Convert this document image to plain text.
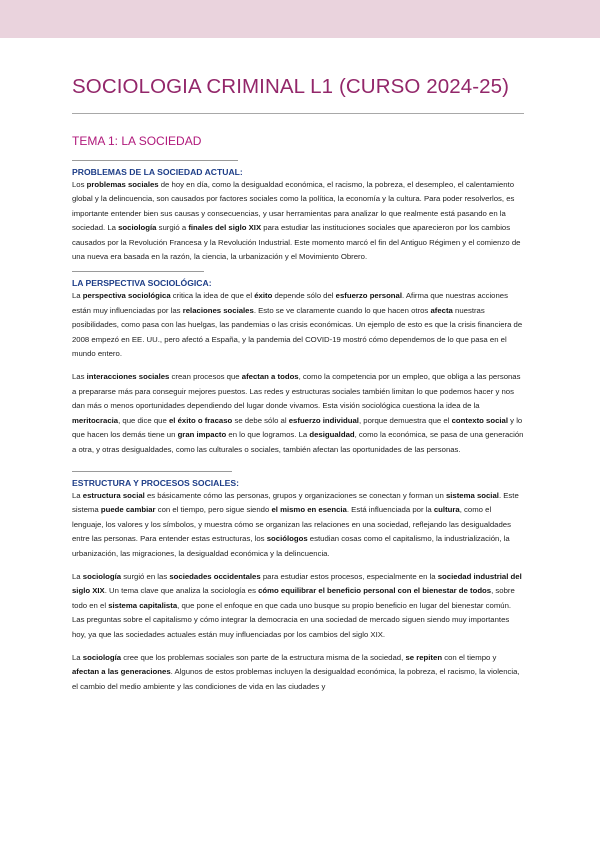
SOCIOLOGIA CRIMINAL L1 (CURSO 2024-25)
TEMA 1: LA SOCIEDAD
PROBLEMAS DE LA SOCIEDAD ACTUAL:

Los problemas sociales de hoy en día, como la desigualdad económica, el racismo, la pobreza, el desempleo, el calentamiento global y la delincuencia, son causados por factores sociales como la política, la economía y la cultura. Para poder resolverlos, es importante entender bien sus causas y consecuencias, y usar herramientas para analizar lo que realmente está pasando en la sociedad. La sociología surgió a finales del siglo XIX para estudiar las instituciones sociales que aparecieron por los cambios causados por la Revolución Francesa y la Revolución Industrial. Este momento marcó el fin del Antiguo Régimen y el comienzo de una nueva era basada en la razón, la ciencia, la urbanización y el Movimiento Obrero.

LA PERSPECTIVA SOCIOLÓGICA:

La perspectiva sociológica critica la idea de que el éxito depende sólo del esfuerzo personal. Afirma que nuestras acciones están muy influenciadas por las relaciones sociales. Esto se ve claramente cuando lo que hacen otros afecta nuestras posibilidades, como pasa con las huelgas, las pandemias o las crisis económicas. Un ejemplo de esto es que la crisis financiera de 2008 empezó en EE. UU., pero afectó a España, y la pandemia del COVID-19 mostró cómo dependemos de lo que pasa en el mundo entero.

Las interacciones sociales crean procesos que afectan a todos, como la competencia por un empleo, que obliga a las personas a prepararse más para conseguir mejores puestos. Las redes y estructuras sociales también limitan lo que podemos hacer y nos dan más o menos oportunidades dependiendo del lugar donde vivamos. Esta visión sociológica cuestiona la idea de la meritocracia, que dice que el éxito o fracaso se debe sólo al esfuerzo individual, porque demuestra que el contexto social y lo que hacen los demás tiene un gran impacto en lo que logramos. La desigualdad, como la económica, se pasa de una generación a otra, y otras desigualdades, como las culturales o sociales, también afectan las oportunidades de las personas.

ESTRUCTURA Y PROCESOS SOCIALES:

La estructura social es básicamente cómo las personas, grupos y organizaciones se conectan y forman un sistema social. Este sistema puede cambiar con el tiempo, pero sigue siendo el mismo en esencia. Está influenciada por la cultura, como el lenguaje, los valores y los símbolos, y muestra cómo se organizan las relaciones en una sociedad, reflejando las desigualdades entre las personas. Para entender estas estructuras, los sociólogos estudian cosas como el capitalismo, la industrialización, la urbanización, las migraciones, la desigualdad económica y la delincuencia.

La sociología surgió en las sociedades occidentales para estudiar estos procesos, especialmente en la sociedad industrial del siglo XIX. Un tema clave que analiza la sociología es cómo equilibrar el beneficio personal con el bienestar de todos, sobre todo en el sistema capitalista, que pone el enfoque en que cada uno busque su propio beneficio en lugar del bienestar común. Las preguntas sobre el capitalismo y cómo integrar la democracia en una sociedad de mercado siguen siendo muy importantes hoy, ya que las sociedades actuales están muy influenciadas por los cambios del siglo XIX.

La sociología cree que los problemas sociales son parte de la estructura misma de la sociedad, se repiten con el tiempo y afectan a las generaciones. Algunos de estos problemas incluyen la desigualdad económica, la pobreza, el racismo, la violencia, el cambio del medio ambiente y las condiciones de vida en las ciudades y
